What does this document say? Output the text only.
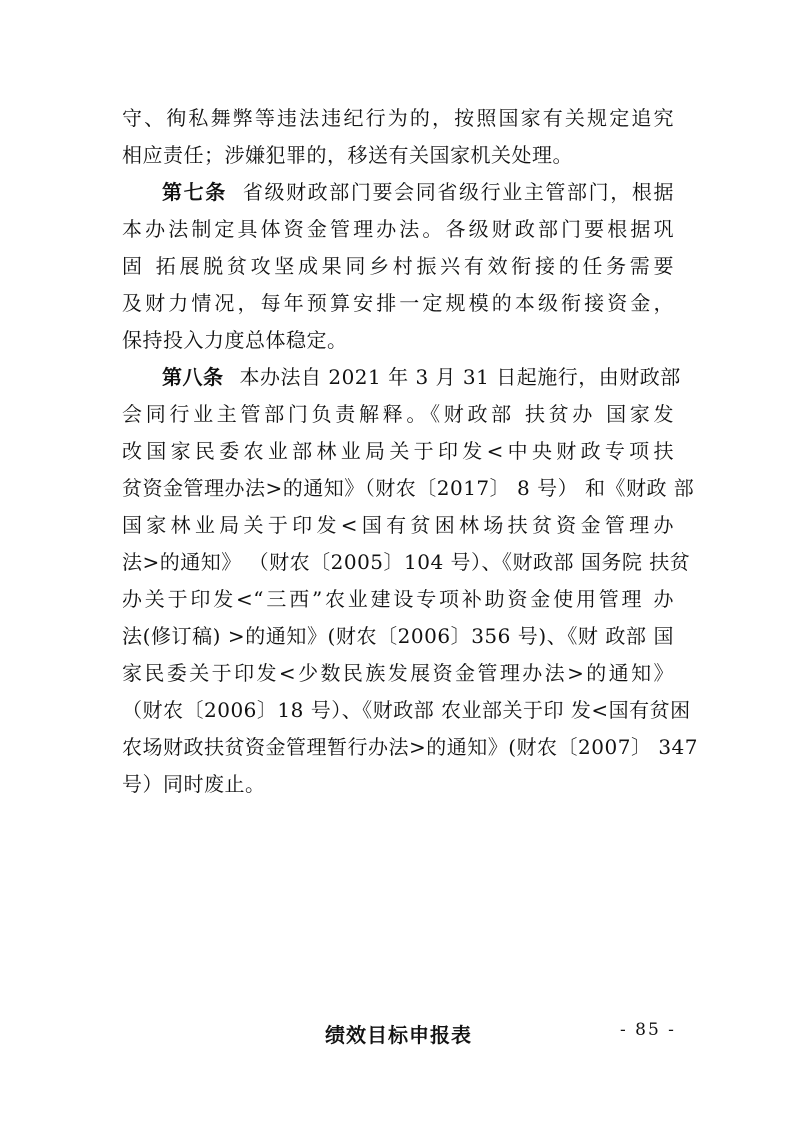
守、徇私舞弊等违法违纪行为的，按照国家有关规定追究
相应责任；涉嫌犯罪的，移送有关国家机关处理。
第七条 省级财政部门要会同省级行业主管部门，根据
本办法制定具体资金管理办法。各级财政部门要根据巩
固 拓展脱贫攻坚成果同乡村振兴有效衔接的任务需要
及财力情况，每年预算安排一定规模的本级衔接资金，
保持投入力度总体稳定。
第八条 本办法自 2021 年 3 月 31 日起施行，由财政部
会同行业主管部门负责解释。《财政部 扶贫办 国家发
改国家民委农业部林业局关于印发<中央财政专项扶
贫资金管理办法>的通知》（财农〔2017〕 8 号） 和《财政 部
国家林业局关于印发<国有贫困林场扶贫资金管理办
法>的通知》 （财农〔2005〕104 号）、《财政部 国务院 扶贫
办关于印发<“三西”农业建设专项补助资金使用管理 办
法(修订稿) >的通知》(财农〔2006〕356 号)、《财 政部 国
家民委关于印发<少数民族发展资金管理办法>的通知》
（财农〔2006〕18 号）、《财政部 农业部关于印 发<国有贫困
农场财政扶贫资金管理暂行办法>的通知》(财农〔2007〕 347
号）同时废止。
绩效目标申报表	- 85 -
